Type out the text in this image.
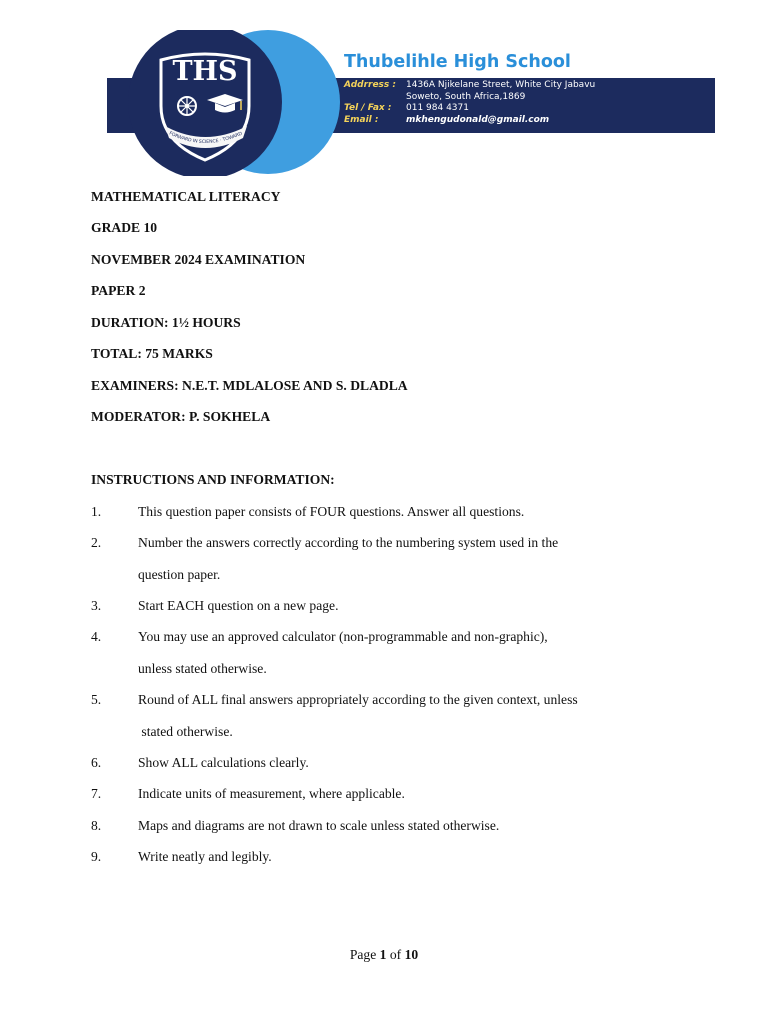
THS
FORWARD IN SCIENCE · TOWARD
Thubelihle High School
Addrress : 1436A Njikelane Street, White City Jabavu
Soweto, South Africa,1869
Tel / Fax : 011 984 4371
Email :	mkhengudonald@gmail.com
MATHEMATICAL LITERACY
GRADE 10
NOVEMBER 2024 EXAMINATION
PAPER 2
DURATION: 1½ HOURS
TOTAL: 75 MARKS
EXAMINERS: N.E.T. MDLALOSE AND S. DLADLA
MODERATOR: P. SOKHELA
INSTRUCTIONS AND INFORMATION:
1.	This question paper consists of FOUR questions. Answer all questions.
2.	Number the answers correctly according to the numbering system used in the
question paper.
3.	Start EACH question on a new page.
4.	You may use an approved calculator (non-programmable and non-graphic),
unless stated otherwise.
5.	Round of ALL final answers appropriately according to the given context, unless
stated otherwise.
6.	Show ALL calculations clearly.
7.	Indicate units of measurement, where applicable.
8.	Maps and diagrams are not drawn to scale unless stated otherwise.
9.	Write neatly and legibly.
Page 1 of 10
